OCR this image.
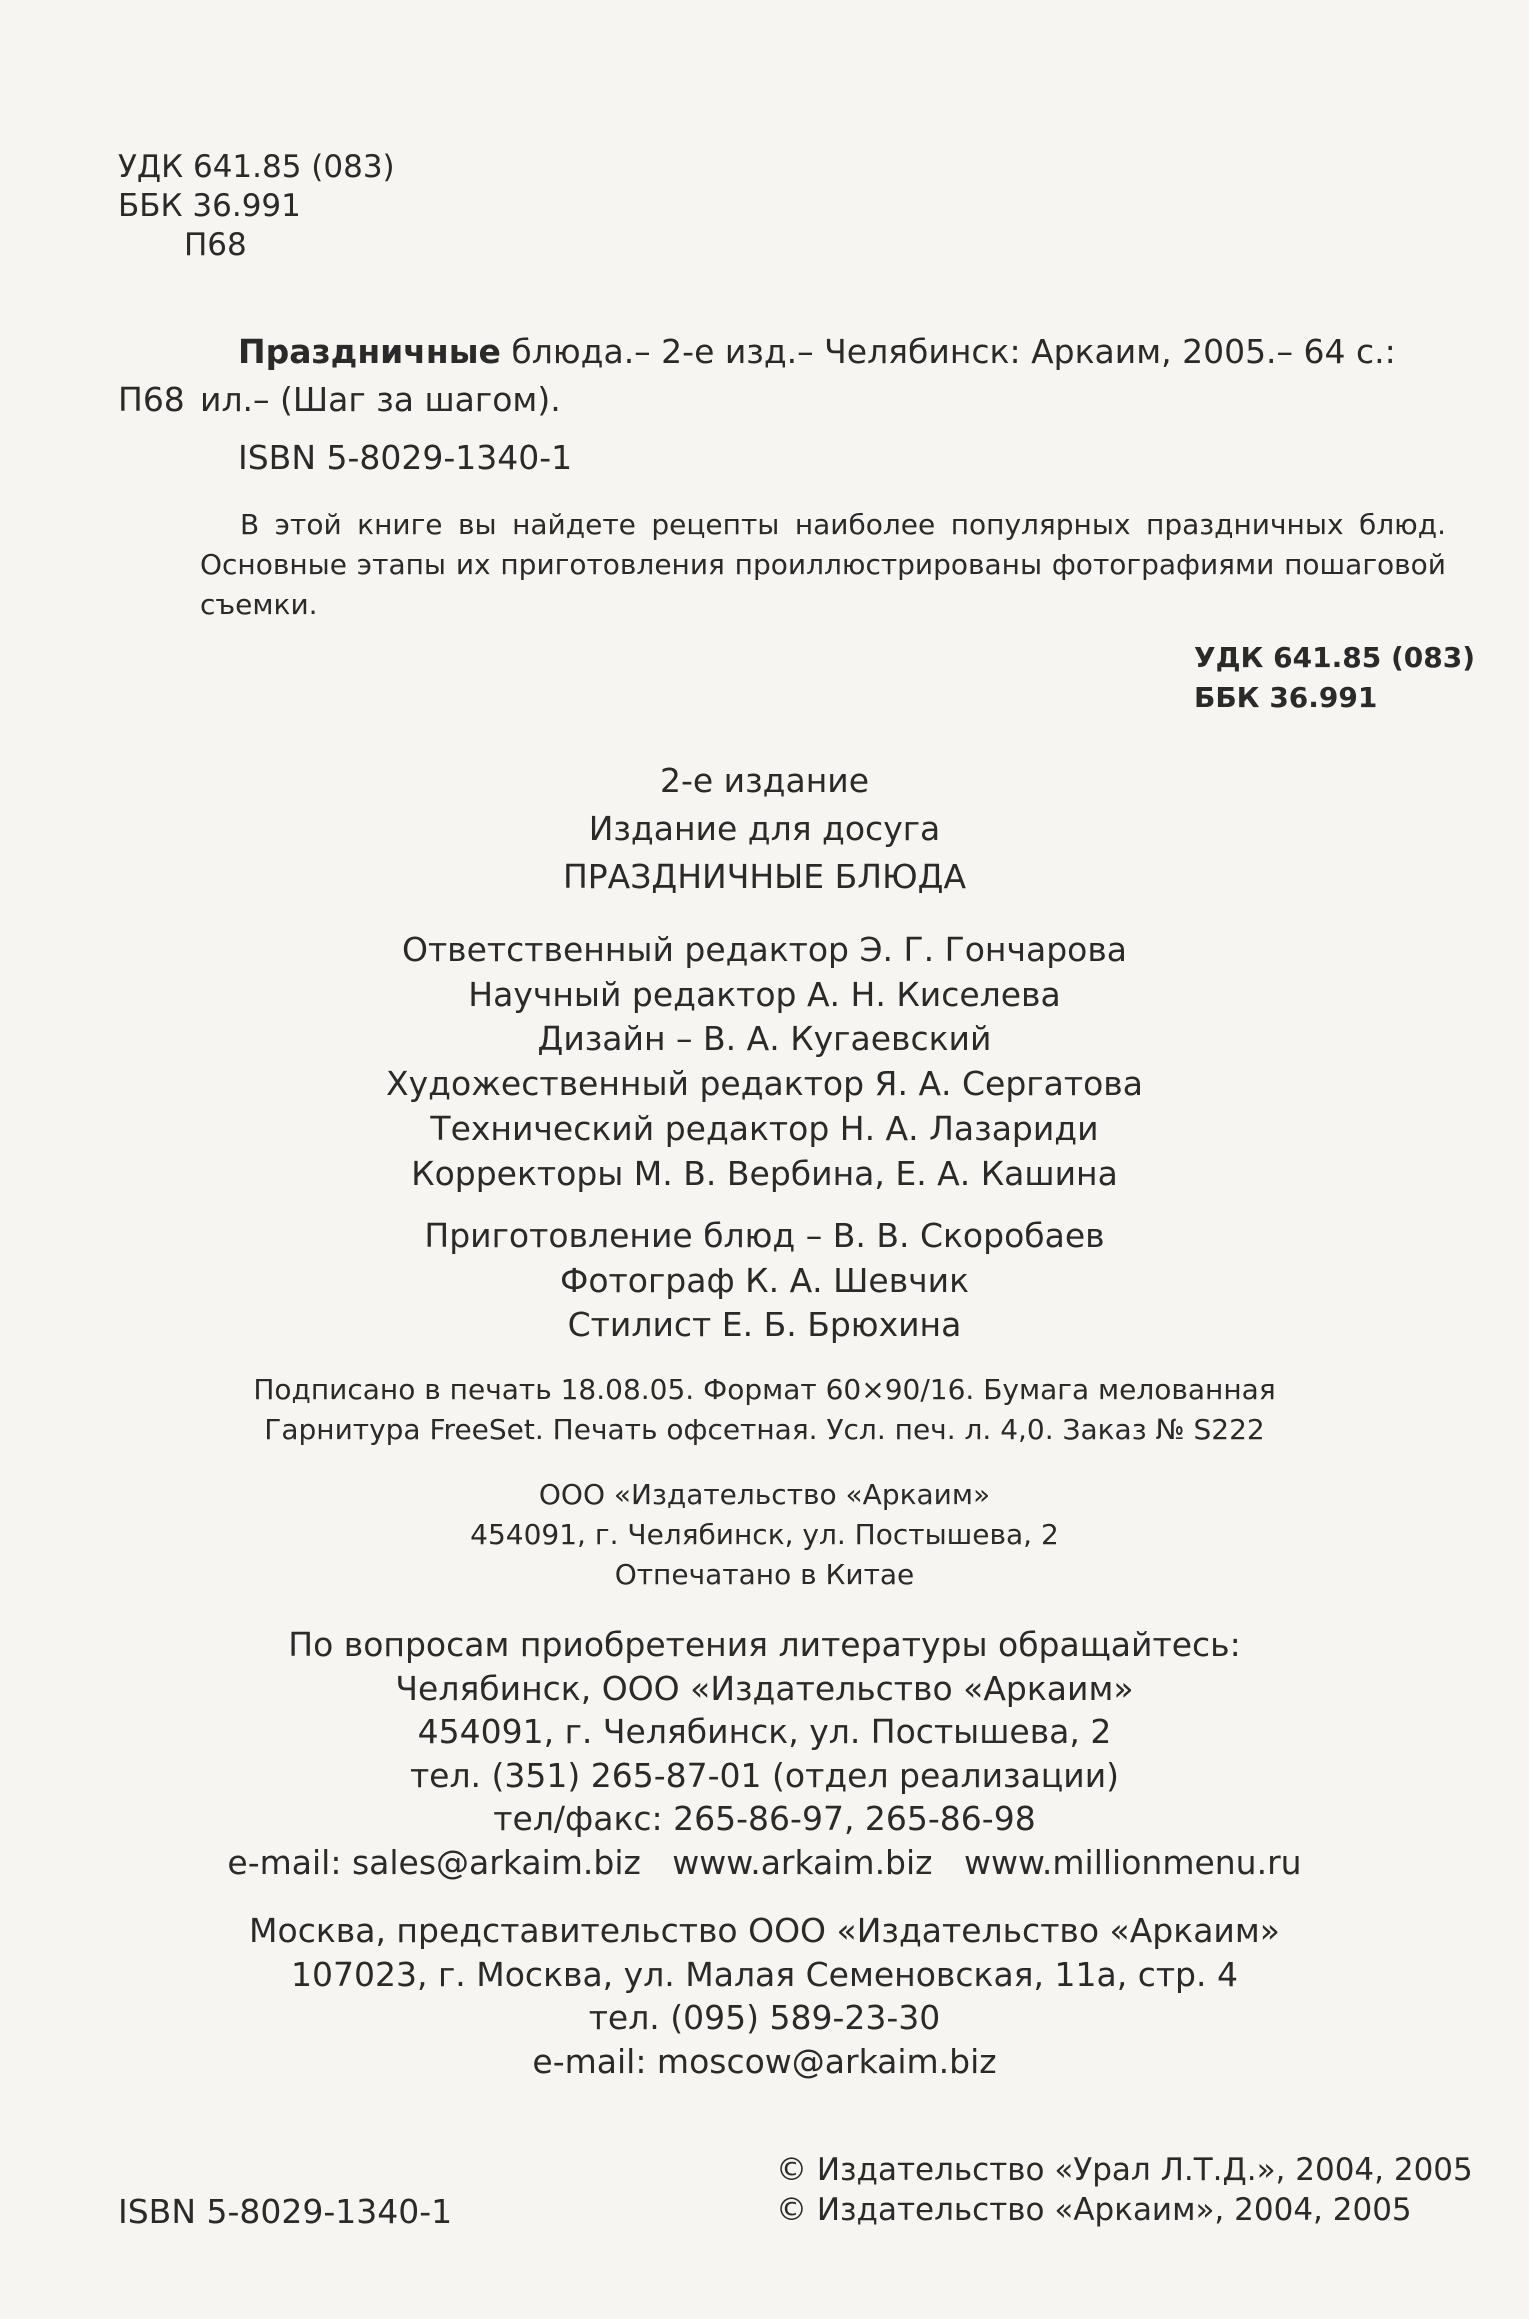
УДК 641.85 (083)
ББК 36.991
П68
Праздничные блюда.– 2-е изд.– Челябинск: Аркаим, 2005.– 64 с.:
П68 ил.– (Шаг за шагом).
ISBN 5-8029-1340-1
В этой книге вы найдете рецепты наиболее популярных праздничных блюд. Основные этапы их приготовления проиллюстрированы фотографиями пошаговой съемки.
УДК 641.85 (083)
ББК 36.991
2-е издание
Издание для досуга
ПРАЗДНИЧНЫЕ БЛЮДА
Ответственный редактор Э. Г. Гончарова
Научный редактор А. Н. Киселева
Дизайн – В. А. Кугаевский
Художественный редактор Я. А. Сергатова
Технический редактор Н. А. Лазариди
Корректоры М. В. Вербина, Е. А. Кашина
Приготовление блюд – В. В. Скоробаев
Фотограф К. А. Шевчик
Стилист Е. Б. Брюхина
Подписано в печать 18.08.05. Формат 60×90/16. Бумага мелованная
Гарнитура FreeSet. Печать офсетная. Усл. печ. л. 4,0. Заказ № S222
ООО «Издательство «Аркаим»
454091, г. Челябинск, ул. Постышева, 2
Отпечатано в Китае
По вопросам приобретения литературы обращайтесь:
Челябинск, ООО «Издательство «Аркаим»
454091, г. Челябинск, ул. Постышева, 2
тел. (351) 265-87-01 (отдел реализации)
тел/факс: 265-86-97, 265-86-98
e-mail: sales@arkaim.biz   www.arkaim.biz   www.millionmenu.ru
Москва, представительство ООО «Издательство «Аркаим»
107023, г. Москва, ул. Малая Семеновская, 11а, стр. 4
тел. (095) 589-23-30
e-mail: moscow@arkaim.biz
ISBN 5-8029-1340-1
© Издательство «Урал Л.Т.Д.», 2004, 2005
© Издательство «Аркаим», 2004, 2005
